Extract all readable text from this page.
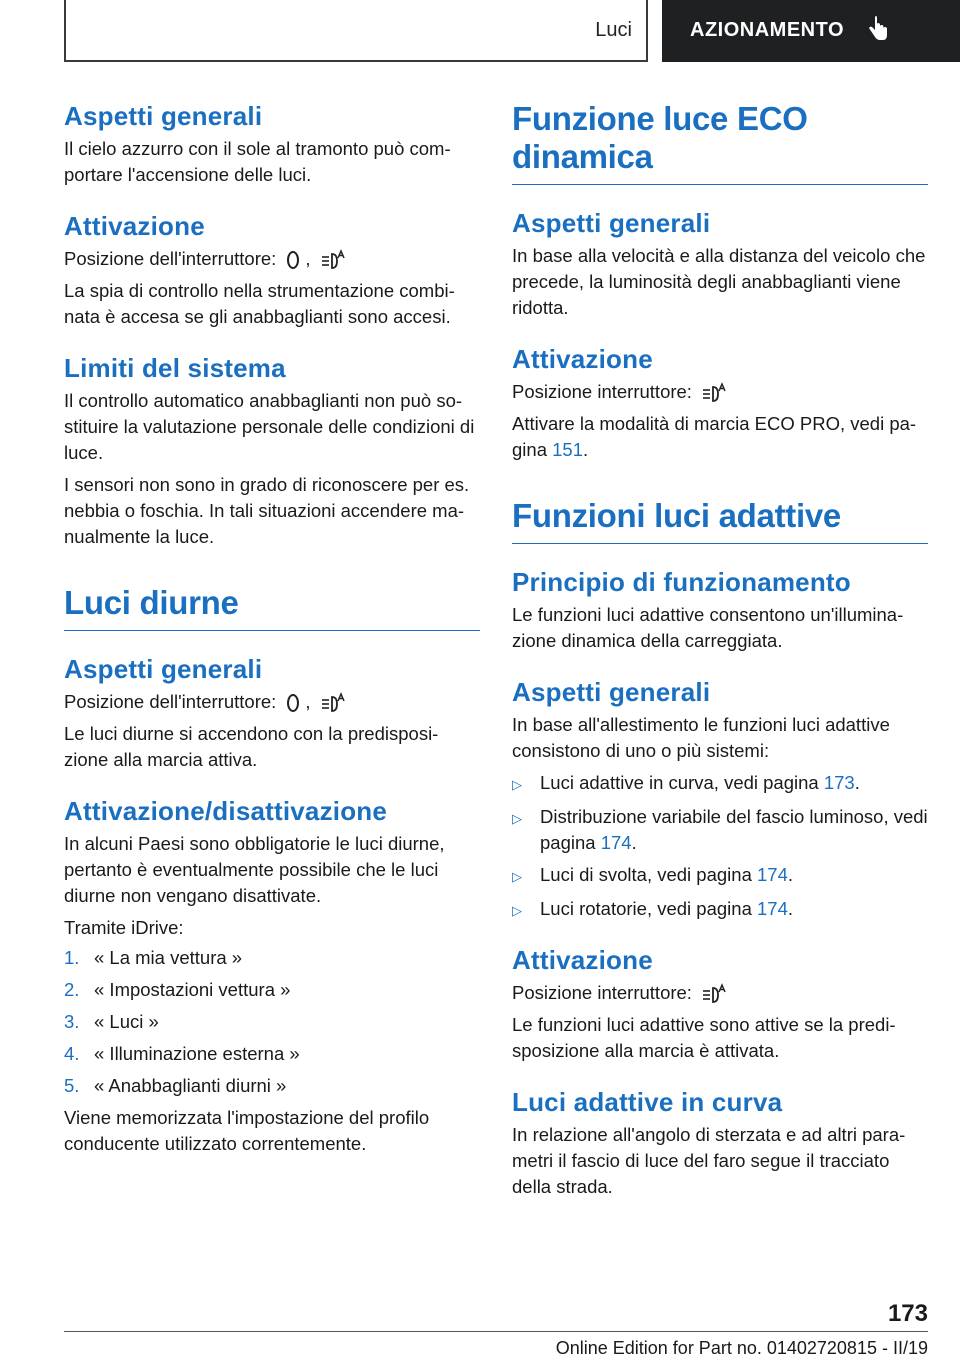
Luci	AZIONAMENTO
Aspetti generali

Il cielo azzurro con il sole al tramonto può com-portare l'accensione delle luci.

Attivazione

Posizione dell'interruttore: ,

La spia di controllo nella strumentazione combi-nata è accesa se gli anabbaglianti sono accesi.

Limiti del sistema

Il controllo automatico anabbaglianti non può so-stituire la valutazione personale delle condizioni di luce.

I sensori non sono in grado di riconoscere per es. nebbia o foschia. In tali situazioni accendere ma-nualmente la luce.

Luci diurne
Aspetti generali

Posizione dell'interruttore: ,

Le luci diurne si accendono con la predisposi-zione alla marcia attiva.

Attivazione/disattivazione

In alcuni Paesi sono obbligatorie le luci diurne, pertanto è eventualmente possibile che le luci diurne non vengano disattivate.

Tramite iDrive:

1. « La mia vettura »
2. « Impostazioni vettura »
3. « Luci »
4. « Illuminazione esterna »
5. « Anabbaglianti diurni »

Viene memorizzata l'impostazione del profilo conducente utilizzato correntemente.

Funzione luce ECO dinamica
Aspetti generali

In base alla velocità e alla distanza del veicolo che precede, la luminosità degli anabbaglianti viene ridotta.

Attivazione

Posizione interruttore:

Attivare la modalità di marcia ECO PRO, vedi pa-gina 151.

Funzioni luci adattive
Principio di funzionamento

Le funzioni luci adattive consentono un'illumina-zione dinamica della carreggiata.

Aspetti generali

In base all'allestimento le funzioni luci adattive consistono di uno o più sistemi:

▷ Luci adattive in curva, vedi pagina 173.
▷ Distribuzione variabile del fascio luminoso, vedi pagina 174.
▷ Luci di svolta, vedi pagina 174.
▷ Luci rotatorie, vedi pagina 174.
Attivazione

Posizione interruttore:

Le funzioni luci adattive sono attive se la predi-sposizione alla marcia è attivata.

Luci adattive in curva

In relazione all'angolo di sterzata e ad altri para-metri il fascio di luce del faro segue il tracciato della strada.

173
Online Edition for Part no. 01402720815 - II/19
